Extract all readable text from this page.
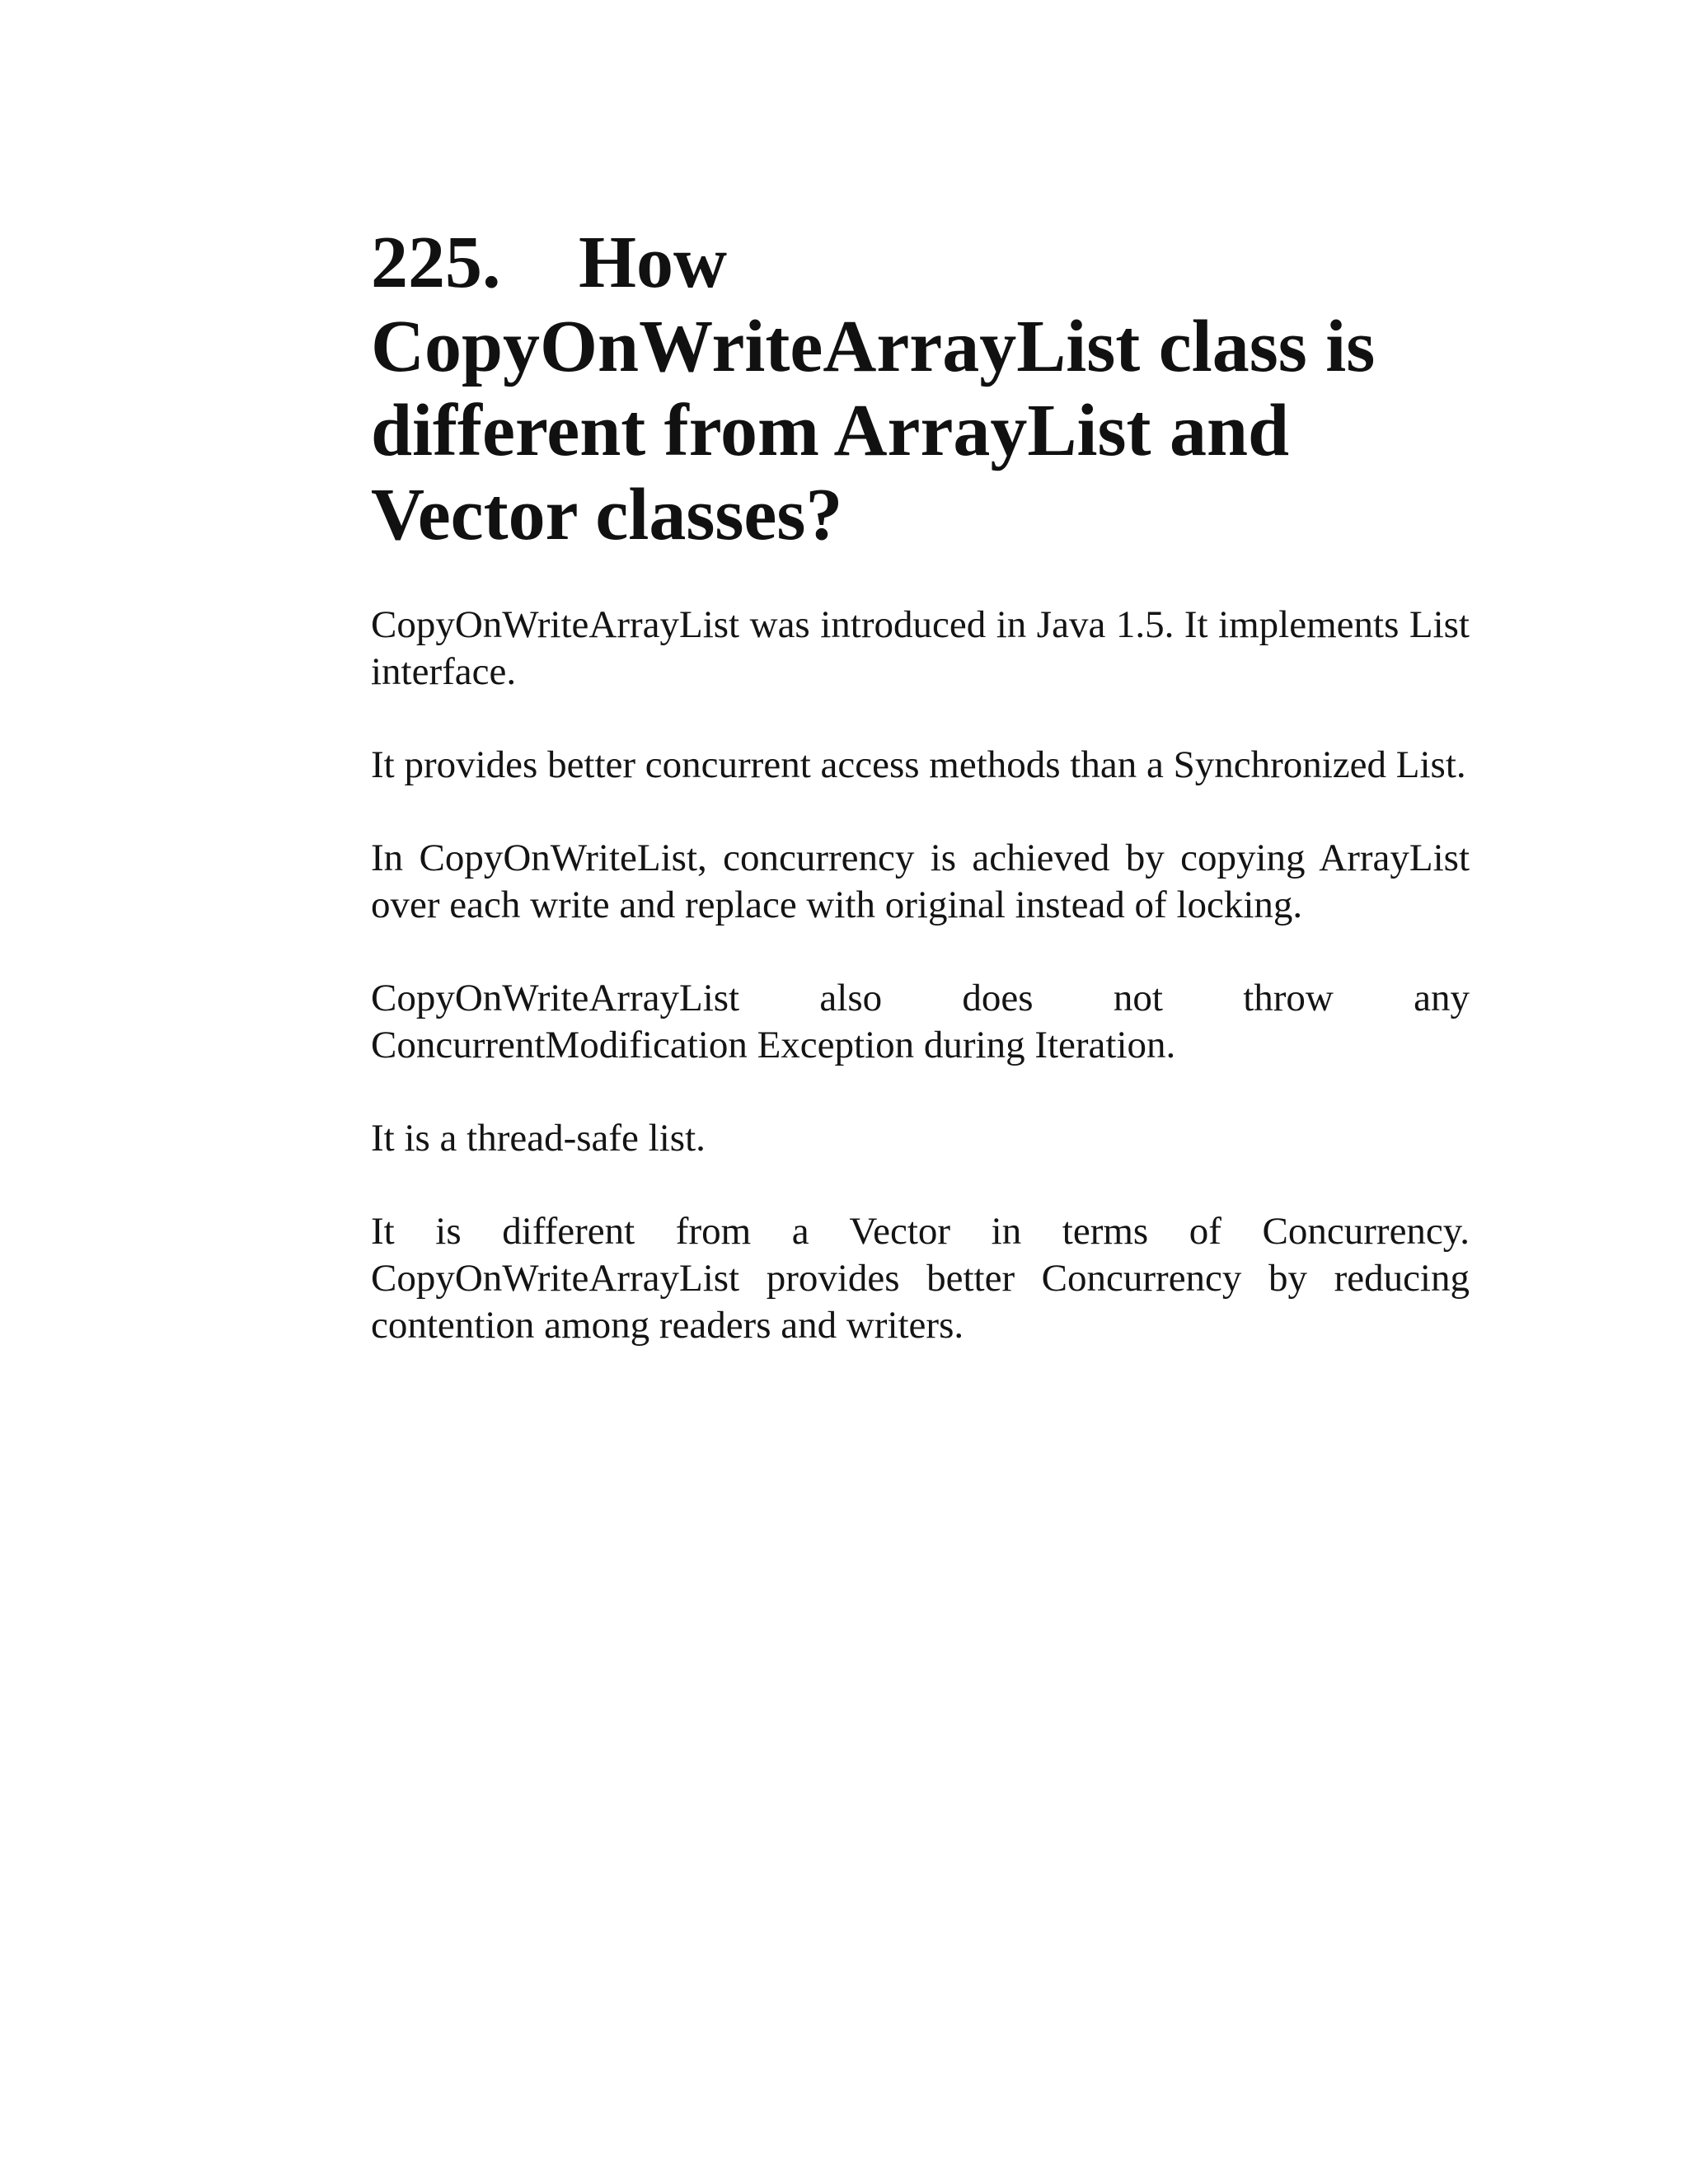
225. How CopyOnWriteArrayList class is different from ArrayList and Vector classes?

CopyOnWriteArrayList was introduced in Java 1.5. It implements List interface.

It provides better concurrent access methods than a Synchronized List.

In CopyOnWriteList, concurrency is achieved by copying ArrayList over each write and replace with original instead of locking.

CopyOnWriteArrayList also does not throw any ConcurrentModification Exception during Iteration.

It is a thread-safe list.

It is different from a Vector in terms of Concurrency. CopyOnWriteArrayList provides better Concurrency by reducing contention among readers and writers.
